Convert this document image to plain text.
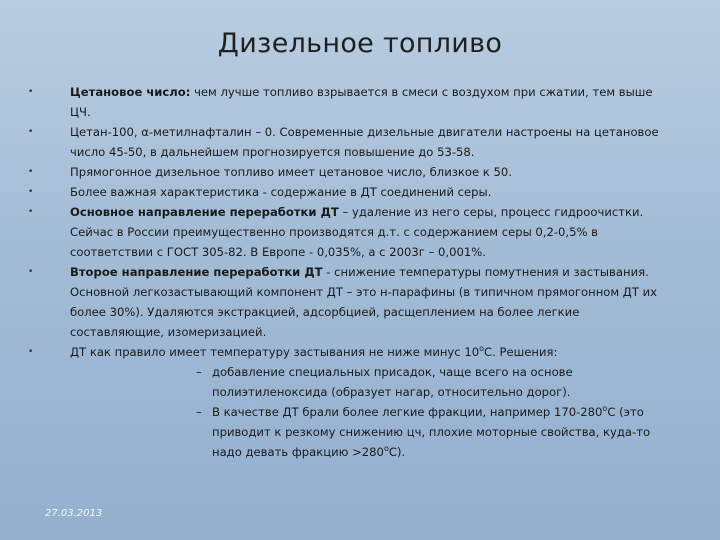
Дизельное топливо
•	Цетановое число: чем лучше топливо взрывается в смеси с воздухом при сжатии, тем выше ЦЧ.
•	Цетан-100, α-метилнафталин – 0. Современные дизельные двигатели настроены на цетановое число 45-50, в дальнейшем прогнозируется повышение до 53-58.
•	Прямогонное дизельное топливо имеет цетановое число, близкое к 50.
•	Более важная характеристика - содержание в ДТ соединений серы.
•	Основное направление переработки ДТ – удаление из него серы, процесс гидроочистки. Сейчас в России преимущественно производятся д.т. с содержанием серы 0,2-0,5% в соответствии с ГОСТ 305-82. В Европе - 0,035%, а с 2003г – 0,001%.
•	Второе направление переработки ДТ - снижение температуры помутнения и застывания. Основной легкозастывающий компонент ДТ – это н-парафины (в типичном прямогонном ДТ их более 30%). Удаляются экстракцией, адсорбцией, расщеплением на более легкие составляющие, изомеризацией.
•	ДТ как правило имеет температуру застывания не ниже минус $10^оС$. Решения:
– добавление специальных присадок, чаще всего на основе полиэтиленоксида (образует нагар, относительно дорог).
– В качестве ДТ брали более легкие фракции, например $170-280^оС$ (это приводит к резкому снижению цч, плохие моторные свойства, куда-то надо девать фракцию $>280^оС$).
27.03.2013
